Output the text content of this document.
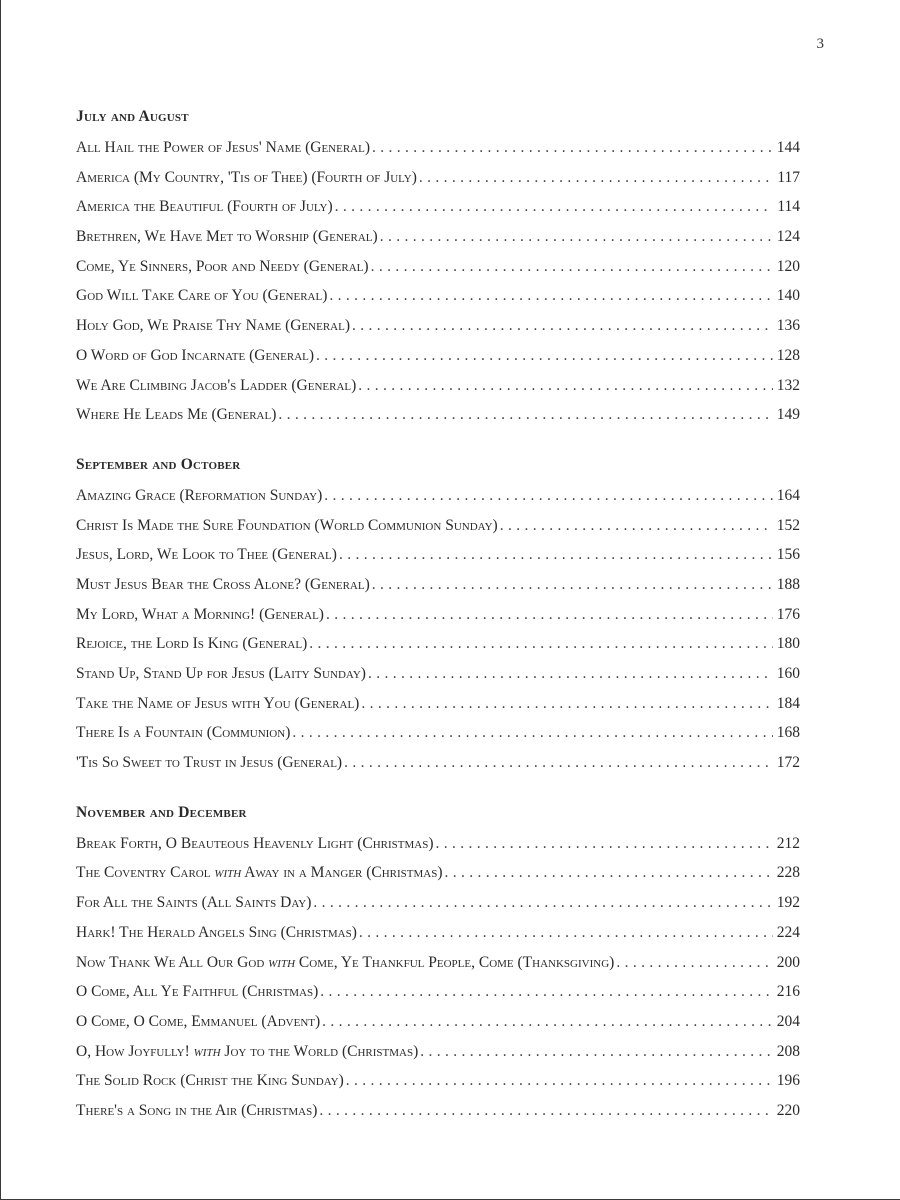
3
July and August
All Hail the Power of Jesus' Name (General) . . .	144
America (My Country, 'Tis of Thee) (Fourth of July) . . .	117
America the Beautiful (Fourth of July) . . .	114
Brethren, We Have Met to Worship (General) . . .	124
Come, Ye Sinners, Poor and Needy (General) . . .	120
God Will Take Care of You (General) . . .	140
Holy God, We Praise Thy Name (General) . . .	136
O Word of God Incarnate (General) . . .	128
We Are Climbing Jacob's Ladder (General) . . .	132
Where He Leads Me (General) . . .	149
September and October
Amazing Grace (Reformation Sunday) . . .	164
Christ Is Made the Sure Foundation (World Communion Sunday) . . .	152
Jesus, Lord, We Look to Thee (General) . . .	156
Must Jesus Bear the Cross Alone? (General) . . .	188
My Lord, What a Morning! (General) . . .	176
Rejoice, the Lord Is King (General) . . .	180
Stand Up, Stand Up for Jesus (Laity Sunday) . . .	160
Take the Name of Jesus with You (General) . . .	184
There Is a Fountain (Communion) . . .	168
'Tis So Sweet to Trust in Jesus (General) . . .	172
November and December
Break Forth, O Beauteous Heavenly Light (Christmas) . . .	212
The Coventry Carol with Away in a Manger (Christmas) . . .	228
For All the Saints (All Saints Day) . . .	192
Hark! The Herald Angels Sing (Christmas) . . .	224
Now Thank We All Our God with Come, Ye Thankful People, Come (Thanksgiving) . . .	200
O Come, All Ye Faithful (Christmas) . . .	216
O Come, O Come, Emmanuel (Advent) . . .	204
O, How Joyfully! with Joy to the World (Christmas) . . .	208
The Solid Rock (Christ the King Sunday) . . .	196
There's a Song in the Air (Christmas) . . .	220
